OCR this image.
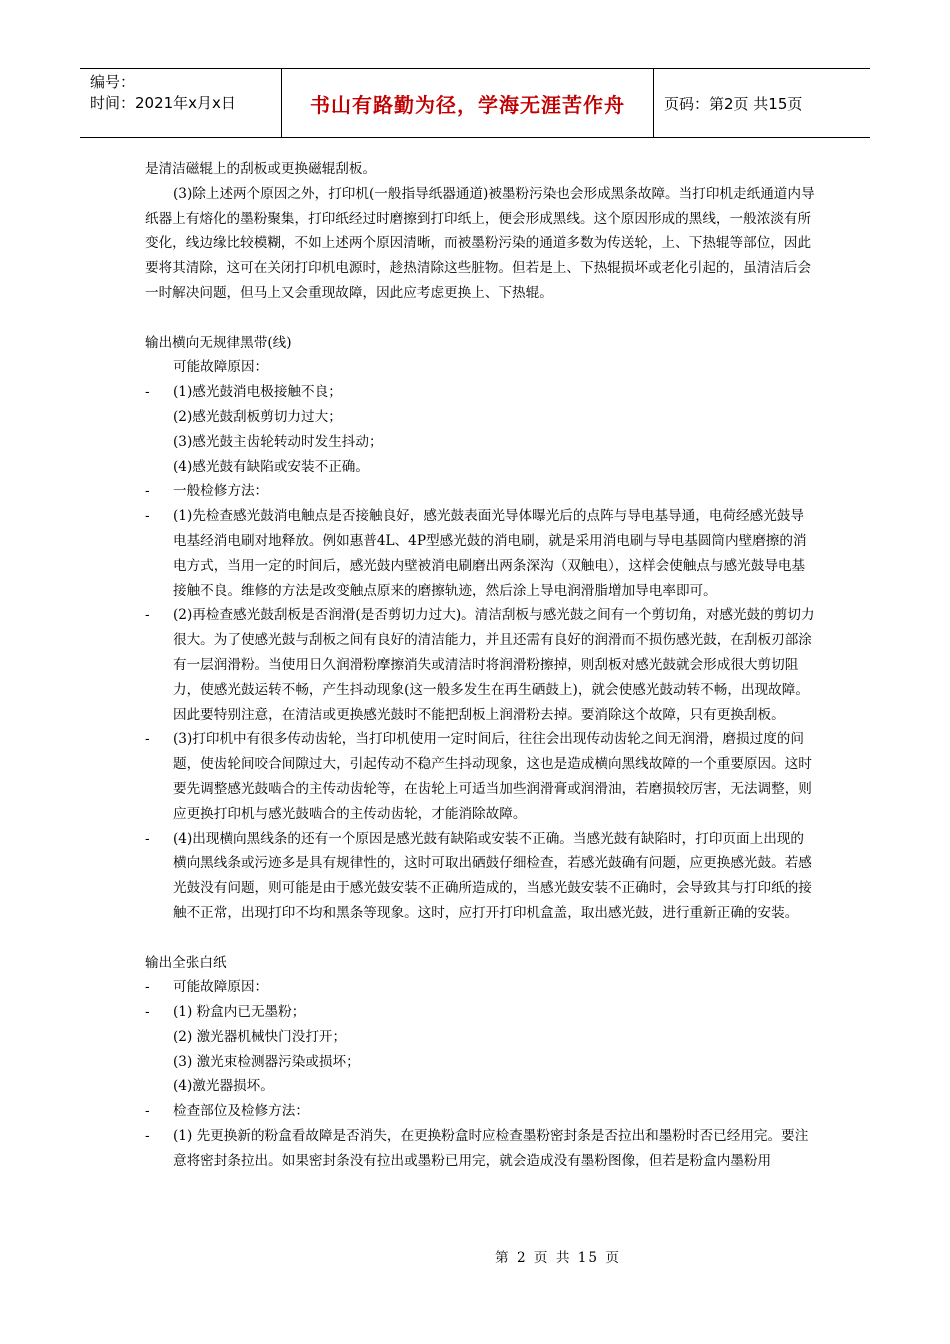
编号：
时间：2021年x月x日	书山有路勤为径，学海无涯苦作舟	页码：第2页 共15页

是清洁磁辊上的刮板或更换磁辊刮板。

(3)除上述两个原因之外，打印机(一般指导纸器通道)被墨粉污染也会形成黑条故障。当打印机走纸通道内导纸器上有熔化的墨粉聚集，打印纸经过时磨擦到打印纸上，便会形成黑线。这个原因形成的黑线，一般浓淡有所变化，线边缘比较模糊，不如上述两个原因清晰，而被墨粉污染的通道多数为传送轮，上、下热辊等部位，因此要将其清除，这可在关闭打印机电源时，趁热清除这些脏物。但若是上、下热辊损坏或老化引起的，虽清洁后会一时解决问题，但马上又会重现故障，因此应考虑更换上、下热辊。

输出横向无规律黑带(线)

可能故障原因：

-	(1)感光鼓消电极接触不良；
(2)感光鼓刮板剪切力过大；
(3)感光鼓主齿轮转动时发生抖动；
(4)感光鼓有缺陷或安装不正确。
-	一般检修方法：
-	(1)先检查感光鼓消电触点是否接触良好，感光鼓表面光导体曝光后的点阵与导电基导通，电荷经感光鼓导电基经消电刷对地释放。例如惠普4L、4P型感光鼓的消电刷，就是采用消电刷与导电基圆筒内壁磨擦的消电方式，当用一定的时间后，感光鼓内壁被消电刷磨出两条深沟（双触电），这样会使触点与感光鼓导电基接触不良。维修的方法是改变触点原来的磨擦轨迹，然后涂上导电润滑脂增加导电率即可。
-	(2)再检查感光鼓刮板是否润滑(是否剪切力过大)。清洁刮板与感光鼓之间有一个剪切角，对感光鼓的剪切力很大。为了使感光鼓与刮板之间有良好的清洁能力，并且还需有良好的润滑而不损伤感光鼓，在刮板刃部涂有一层润滑粉。当使用日久润滑粉摩擦消失或清洁时将润滑粉擦掉，则刮板对感光鼓就会形成很大剪切阻力，使感光鼓运转不畅，产生抖动现象(这一般多发生在再生硒鼓上)，就会使感光鼓动转不畅，出现故障。因此要特别注意，在清洁或更换感光鼓时不能把刮板上润滑粉去掉。要消除这个故障，只有更换刮板。
-	(3)打印机中有很多传动齿轮，当打印机使用一定时间后，往往会出现传动齿轮之间无润滑，磨损过度的问题，使齿轮间咬合间隙过大，引起传动不稳产生抖动现象，这也是造成横向黑线故障的一个重要原因。这时要先调整感光鼓啮合的主传动齿轮等，在齿轮上可适当加些润滑膏或润滑油，若磨损较厉害，无法调整，则应更换打印机与感光鼓啮合的主传动齿轮，才能消除故障。
-	(4)出现横向黑线条的还有一个原因是感光鼓有缺陷或安装不正确。当感光鼓有缺陷时，打印页面上出现的横向黑线条或污迹多是具有规律性的，这时可取出硒鼓仔细检查，若感光鼓确有问题，应更换感光鼓。若感光鼓没有问题，则可能是由于感光鼓安装不正确所造成的，当感光鼓安装不正确时，会导致其与打印纸的接触不正常，出现打印不均和黑条等现象。这时，应打开打印机盒盖，取出感光鼓，进行重新正确的安装。

输出全张白纸

-	可能故障原因：
-	(1) 粉盒内已无墨粉；
(2) 激光器机械快门没打开；
(3) 激光束检测器污染或损坏；
(4)激光器损坏。
-	检查部位及检修方法：
-	(1) 先更换新的粉盒看故障是否消失，在更换粉盒时应检查墨粉密封条是否拉出和墨粉时否已经用完。要注意将密封条拉出。如果密封条没有拉出或墨粉已用完，就会造成没有墨粉图像，但若是粉盒内墨粉用
第 2 页 共 15 页
